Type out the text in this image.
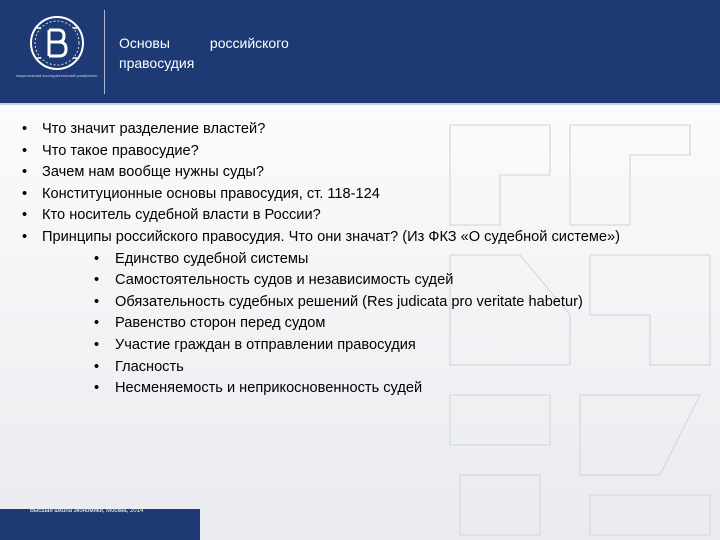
национальный исследовательский университет
Основы	российского
правосудия
• Что значит разделение властей?
• Что такое правосудие?
• Зачем нам вообще нужны суды?
• Конституционные основы правосудия, ст. 118-124
• Кто носитель судебной власти в России?
• Принципы российского правосудия. Что они значат? (Из ФКЗ «О судебной системе»)
• Единство судебной системы
• Самостоятельность судов и независимость судей
• Обязательность судебных решений (Res judicata pro veritate habetur)
• Равенство сторон перед судом
• Участие граждан в отправлении правосудия
• Гласность
• Несменяемость и неприкосновенность судей
Высшая школа экономики, Москва, 2014
